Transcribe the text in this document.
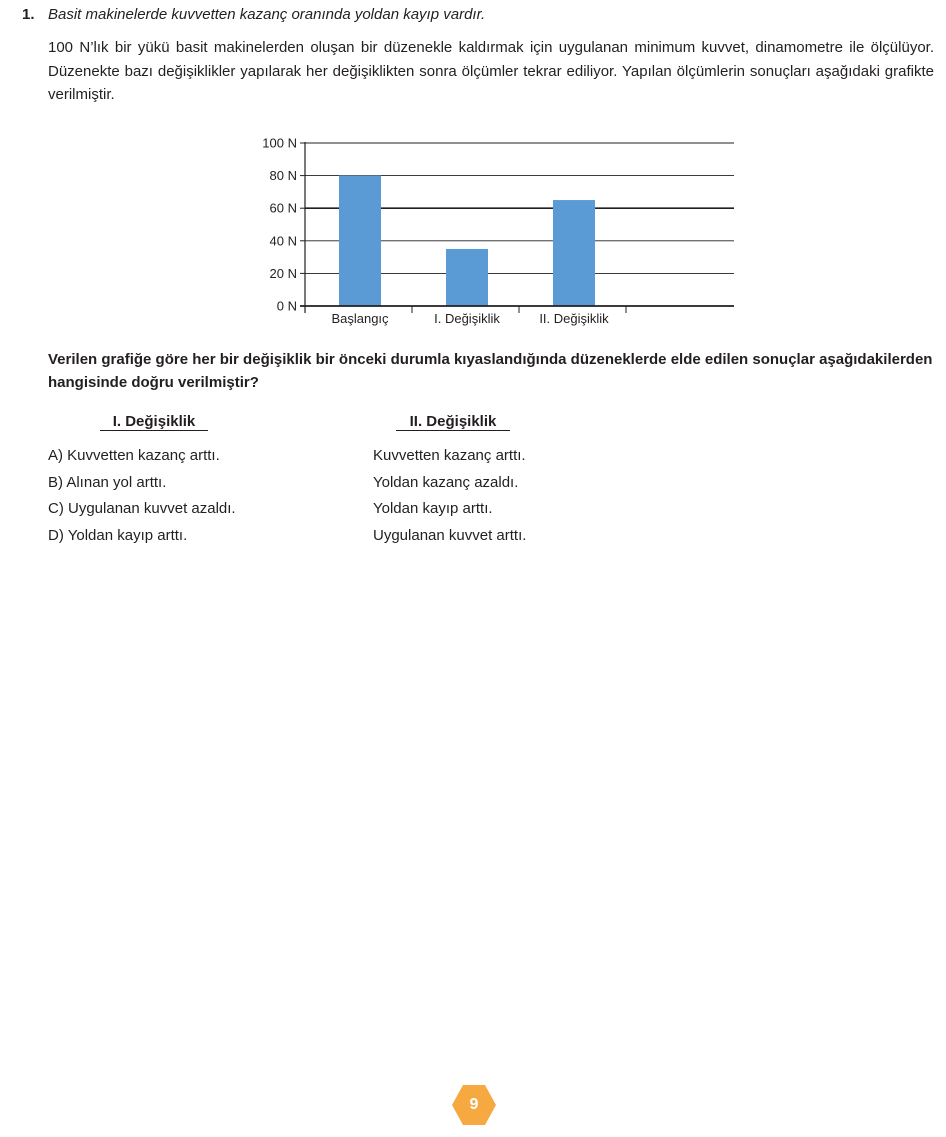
1. Basit makinelerde kuvvetten kazanç oranında yoldan kayıp vardır.
100 N’lık bir yükü basit makinelerden oluşan bir düzenekle kaldırmak için uygulanan minimum kuvvet, dinamometre ile ölçülüyor. Düzenekte bazı değişiklikler yapılarak her değişiklikten sonra ölçümler tekrar ediliyor. Yapılan ölçümlerin sonuçları aşağıdaki grafikte verilmiştir.
0 N
20 N
40 N
60 N
80 N
100 N
Başlangıç	I. Değişiklik	II. Değişiklik
Verilen grafiğe göre her bir değişiklik bir önceki durumla kıyaslandığında düzeneklerde elde edilen sonuçlar aşağıdakilerden hangisinde doğru verilmiştir?
I. Değişiklik	II. Değişiklik
A) Kuvvetten kazanç arttı.	Kuvvetten kazanç arttı.
B) Alınan yol arttı.	Yoldan kazanç azaldı.
C) Uygulanan kuvvet azaldı.	Yoldan kayıp arttı.
D) Yoldan kayıp arttı.	Uygulanan kuvvet arttı.
9
